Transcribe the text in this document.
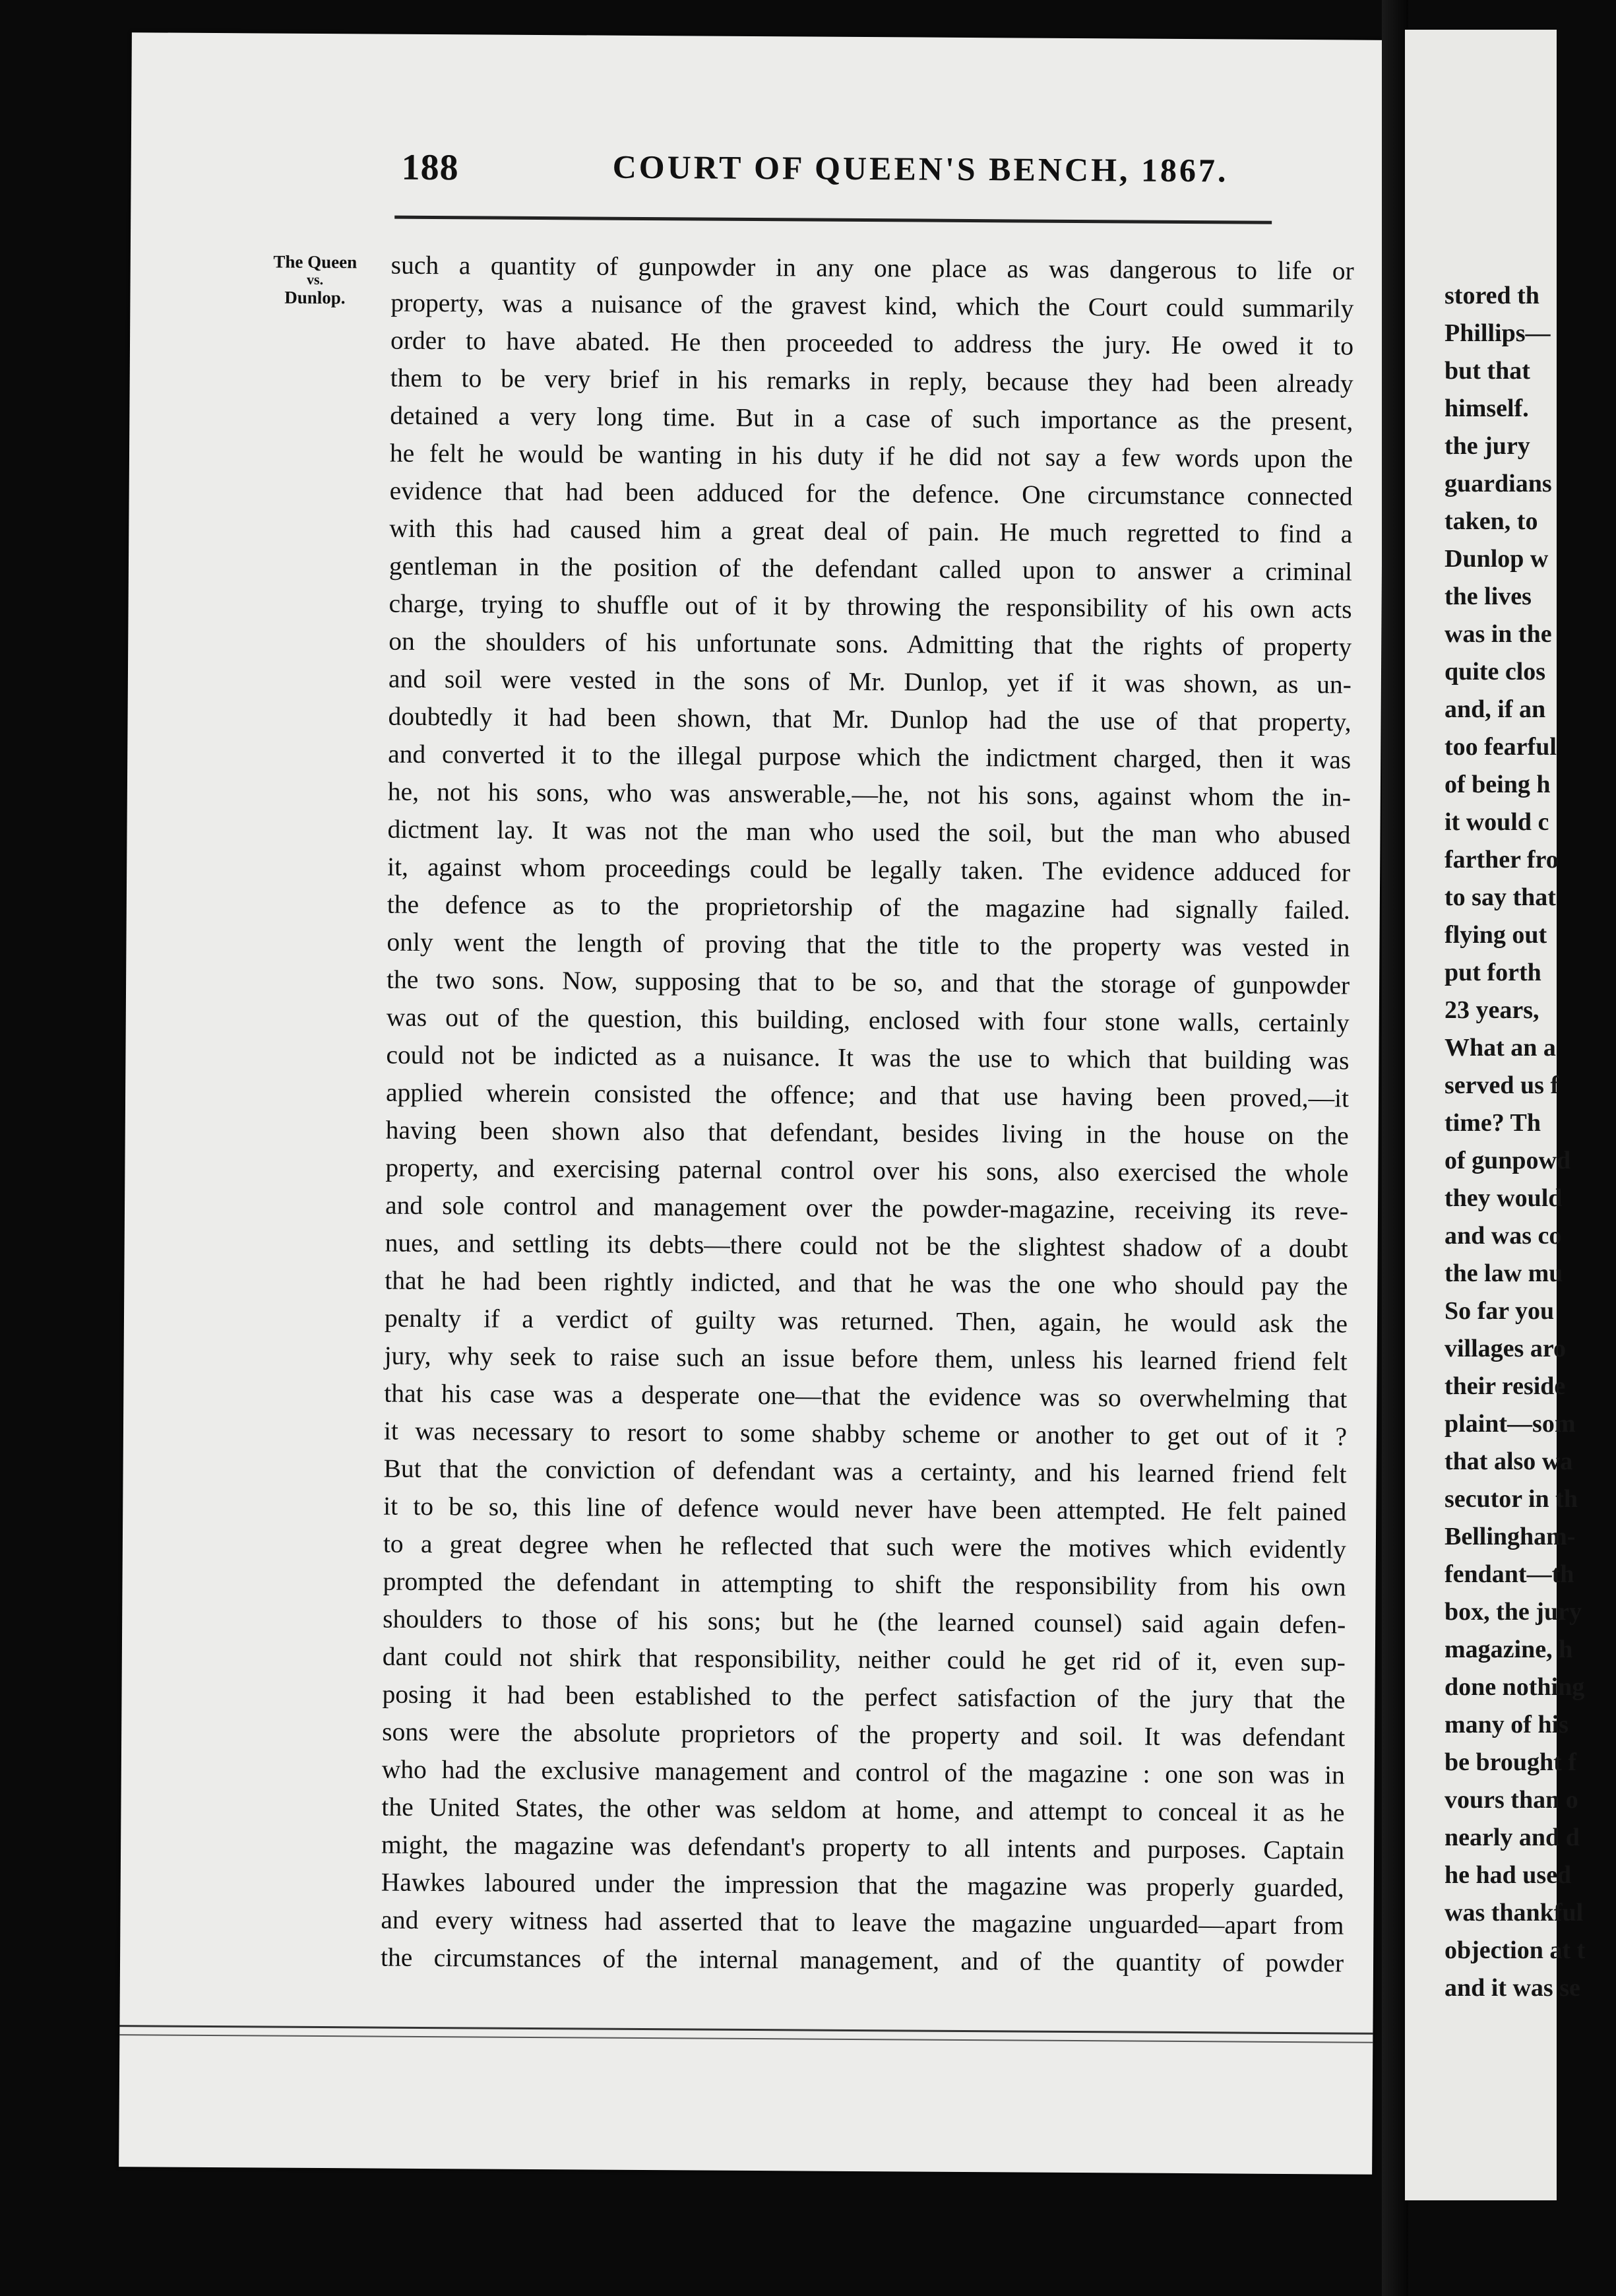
188	COURT OF QUEEN'S BENCH, 1867.
The Queen
vs.
Dunlop.
such a quantity of gunpowder in any one place as was dangerous to life or
property, was a nuisance of the gravest kind, which the Court could summarily
order to have abated. He then proceeded to address the jury. He owed it to
them to be very brief in his remarks in reply, because they had been already
detained a very long time. But in a case of such importance as the present,
he felt he would be wanting in his duty if he did not say a few words upon the
evidence that had been adduced for the defence. One circumstance connected
with this had caused him a great deal of pain. He much regretted to find a
gentleman in the position of the defendant called upon to answer a criminal
charge, trying to shuffle out of it by throwing the responsibility of his own acts
on the shoulders of his unfortunate sons. Admitting that the rights of property
and soil were vested in the sons of Mr. Dunlop, yet if it was shown, as un-
doubtedly it had been shown, that Mr. Dunlop had the use of that property,
and converted it to the illegal purpose which the indictment charged, then it was
he, not his sons, who was answerable,—he, not his sons, against whom the in-
dictment lay. It was not the man who used the soil, but the man who abused
it, against whom proceedings could be legally taken. The evidence adduced for
the defence as to the proprietorship of the magazine had signally failed.
only went the length of proving that the title to the property was vested in
the two sons. Now, supposing that to be so, and that the storage of gunpowder
was out of the question, this building, enclosed with four stone walls, certainly
could not be indicted as a nuisance. It was the use to which that building was
applied wherein consisted the offence; and that use having been proved,—it
having been shown also that defendant, besides living in the house on the
property, and exercising paternal control over his sons, also exercised the whole
and sole control and management over the powder-magazine, receiving its reve-
nues, and settling its debts—there could not be the slightest shadow of a doubt
that he had been rightly indicted, and that he was the one who should pay the
penalty if a verdict of guilty was returned. Then, again, he would ask the
jury, why seek to raise such an issue before them, unless his learned friend felt
that his case was a desperate one—that the evidence was so overwhelming that
it was necessary to resort to some shabby scheme or another to get out of it ?
But that the conviction of defendant was a certainty, and his learned friend felt
it to be so, this line of defence would never have been attempted. He felt pained
to a great degree when he reflected that such were the motives which evidently
prompted the defendant in attempting to shift the responsibility from his own
shoulders to those of his sons; but he (the learned counsel) said again defen-
dant could not shirk that responsibility, neither could he get rid of it, even sup-
posing it had been established to the perfect satisfaction of the jury that the
sons were the absolute proprietors of the property and soil. It was defendant
who had the exclusive management and control of the magazine : one son was in
the United States, the other was seldom at home, and attempt to conceal it as he
might, the magazine was defendant's property to all intents and purposes. Captain
Hawkes laboured under the impression that the magazine was properly guarded,
and every witness had asserted that to leave the magazine unguarded—apart from
the circumstances of the internal management, and of the quantity of powder
stored th
Phillips—
but that
himself.
the jury
guardians
taken, to
Dunlop w
the lives
was in the
quite clos
and, if an
too fearful
of being h
it would c
farther fro
to say that
flying out
put forth
23 years,
What an a
served us f
time? Th
of gunpowd
they would
and was co
the law mu
So far you
villages aro
their reside
plaint—som
that also wa
secutor in th
Bellingham-
fendant—th
box, the jury
magazine, h
done nothing
many of his
be brought f
vours than o
nearly and d
he had used
was thankful
objection at t
and it was se
